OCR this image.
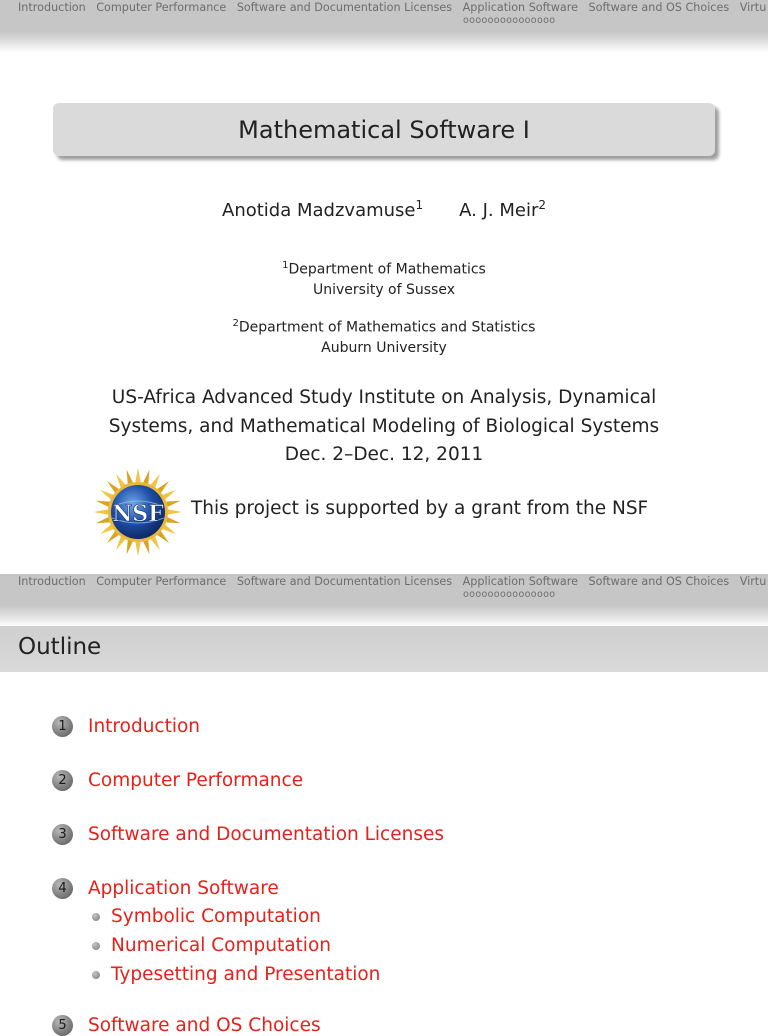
Introduction Computer Performance Software and Documentation Licenses Application Software Software and OS Choices Virtu
ooooooooooooooo
Mathematical Software I
Anotida Madzvamuse$^1$ A. J. Meir$^2$
$^1$Department of Mathematics
University of Sussex
$^2$Department of Mathematics and Statistics
Auburn University
US-Africa Advanced Study Institute on Analysis, Dynamical
Systems, and Mathematical Modeling of Biological Systems
Dec. 2–Dec. 12, 2011
NSF This project is supported by a grant from the NSF
Introduction Computer Performance Software and Documentation Licenses Application Software Software and OS Choices Virtu
ooooooooooooooo
Outline
1	Introduction
2	Computer Performance
3	Software and Documentation Licenses
4	Application Software
Symbolic Computation
Numerical Computation
Typesetting and Presentation
5	Software and OS Choices
